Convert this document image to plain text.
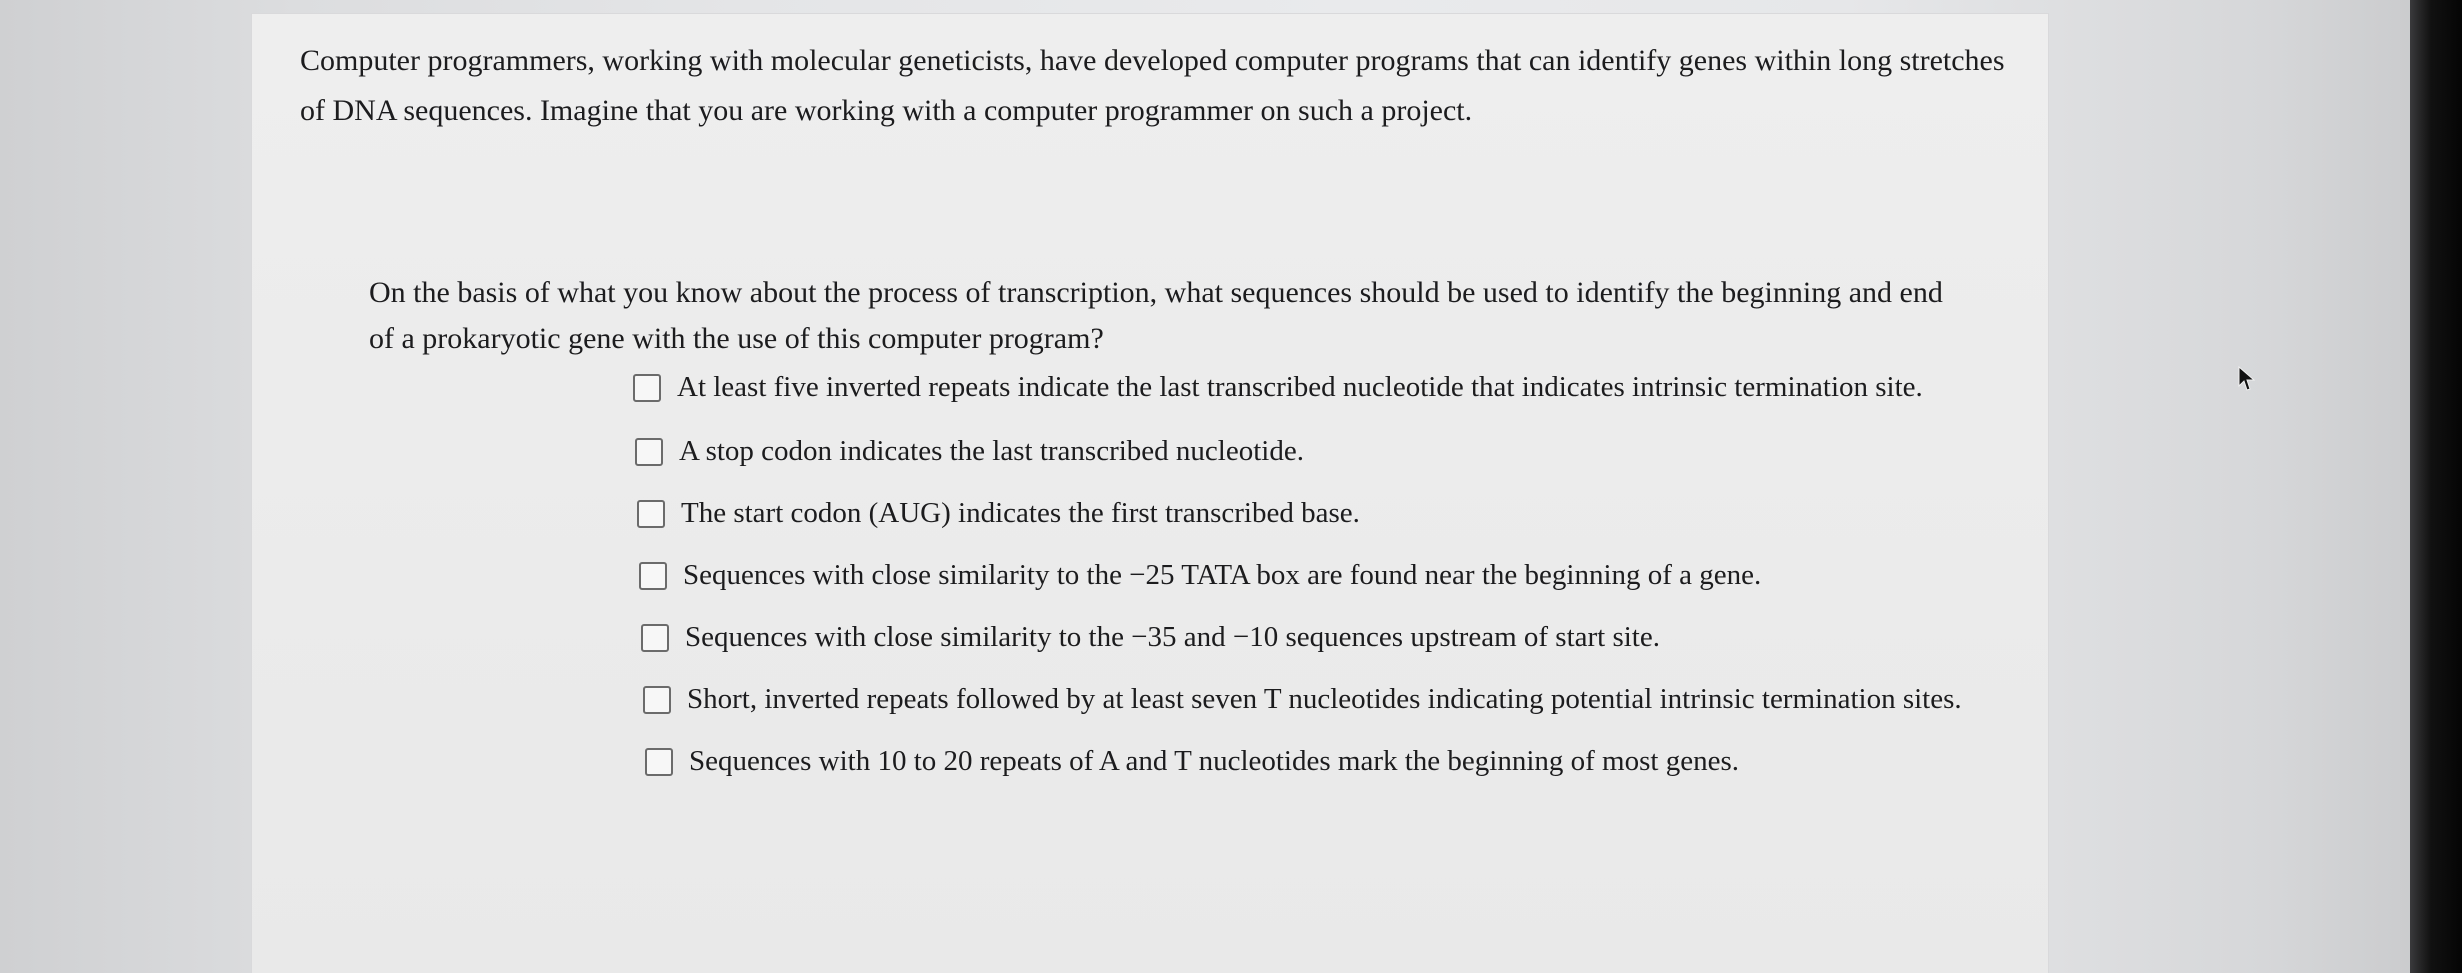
Computer programmers, working with molecular geneticists, have developed computer programs that can identify genes within long stretches of DNA sequences. Imagine that you are working with a computer programmer on such a project.

On the basis of what you know about the process of transcription, what sequences should be used to identify the beginning and end of a prokaryotic gene with the use of this computer program?

At least five inverted repeats indicate the last transcribed nucleotide that indicates intrinsic termination site.
A stop codon indicates the last transcribed nucleotide.
The start codon (AUG) indicates the first transcribed base.
Sequences with close similarity to the −25 TATA box are found near the beginning of a gene.
Sequences with close similarity to the −35 and −10 sequences upstream of start site.
Short, inverted repeats followed by at least seven T nucleotides indicating potential intrinsic termination sites.
Sequences with 10 to 20 repeats of A and T nucleotides mark the beginning of most genes.
